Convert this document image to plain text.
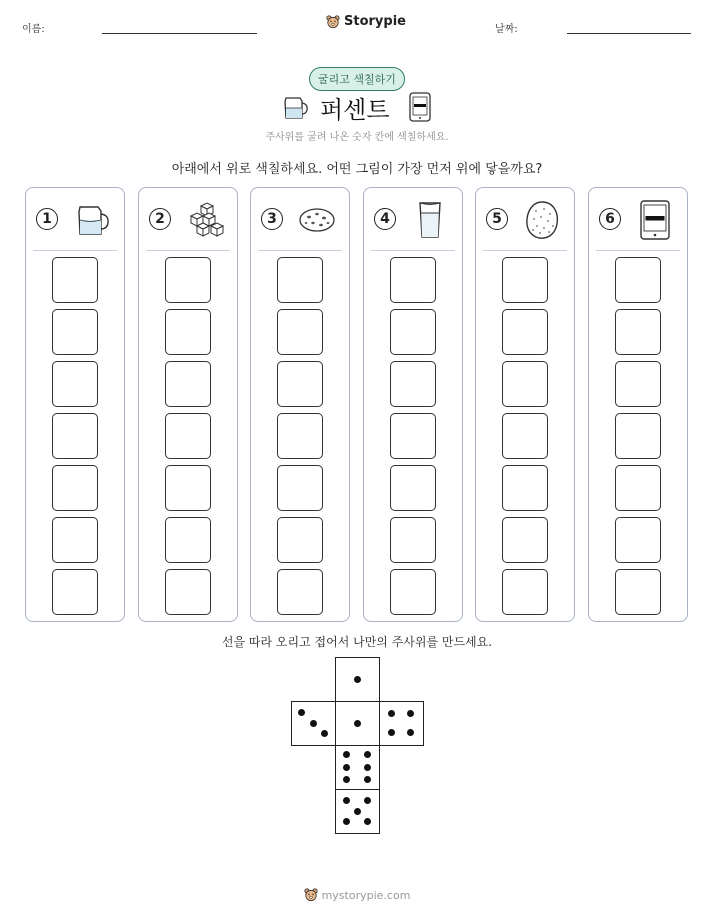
이름:
Storypie
날짜:
굴리고 색칠하기
퍼센트
주사위를 굴려 나온 숫자 칸에 색칠하세요.
아래에서 위로 색칠하세요. 어떤 그림이 가장 먼저 위에 닿을까요?
1	2	3	4	5	6
선을 따라 오리고 접어서 나만의 주사위를 만드세요.
mystorypie.com
